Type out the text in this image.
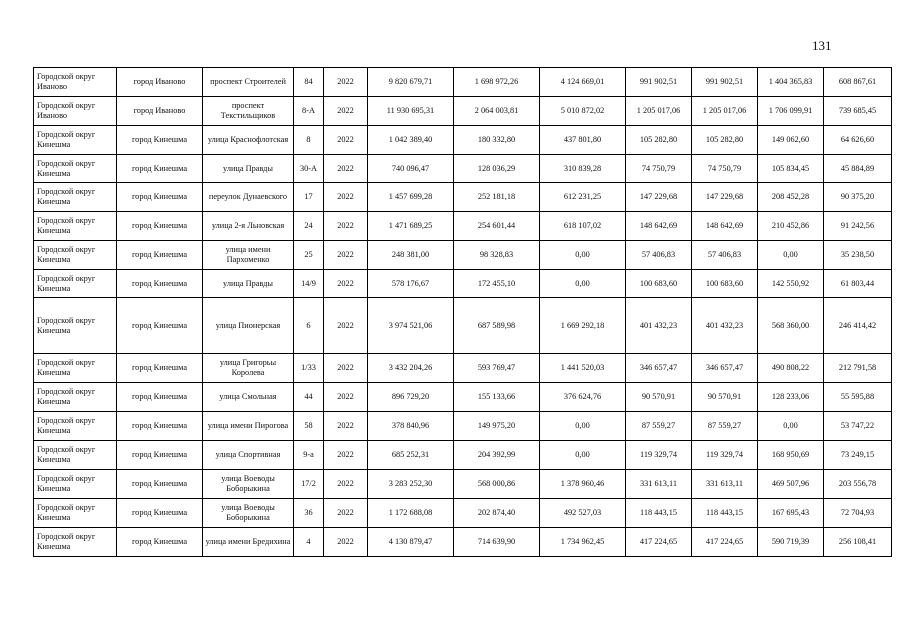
131
Городской округ Иваново	город Иваново	проспект Строителей	84	2022	9 820 679,71	1 698 972,26	4 124 669,01	991 902,51	991 902,51	1 404 365,83	608 867,61
Городской округ Иваново	город Иваново	проспект Текстильщиков	8-А	2022	11 930 695,31	2 064 003,81	5 010 872,02	1 205 017,06	1 205 017,06	1 706 099,91	739 685,45
Городской округ Кинешма	город Кинешма	улица Краснофлотская	8	2022	1 042 389,40	180 332,80	437 801,80	105 282,80	105 282,80	149 062,60	64 626,60
Городской округ Кинешма	город Кинешма	улица Правды	30-А	2022	740 096,47	128 036,29	310 839,28	74 750,79	74 750,79	105 834,45	45 884,89
Городской округ Кинешма	город Кинешма	переулок Дунаевского	17	2022	1 457 699,28	252 181,18	612 231,25	147 229,68	147 229,68	208 452,28	90 375,20
Городской округ Кинешма	город Кинешма	улица 2-я Льновская	24	2022	1 471 689,25	254 601,44	618 107,02	148 642,69	148 642,69	210 452,86	91 242,56
Городской округ Кинешма	город Кинешма	улица имени Пархоменко	25	2022	248 381,00	98 328,83	0,00	57 406,83	57 406,83	0,00	35 238,50
Городской округ Кинешма	город Кинешма	улица Правды	14/9	2022	578 176,67	172 455,10	0,00	100 683,60	100 683,60	142 550,92	61 803,44
Городской округ Кинешма	город Кинешма	улица Пионерская	6	2022	3 974 521,06	687 589,98	1 669 292,18	401 432,23	401 432,23	568 360,00	246 414,42
Городской округ Кинешма	город Кинешма	улица Григорьы Королева	1/33	2022	3 432 204,26	593 769,47	1 441 520,03	346 657,47	346 657,47	490 808,22	212 791,58
Городской округ Кинешма	город Кинешма	улица Смольная	44	2022	896 729,20	155 133,66	376 624,76	90 570,91	90 570,91	128 233,06	55 595,88
Городской округ Кинешма	город Кинешма	улица имени Пирогова	58	2022	378 840,96	149 975,20	0,00	87 559,27	87 559,27	0,00	53 747,22
Городской округ Кинешма	город Кинешма	улица Спортивная	9-а	2022	685 252,31	204 392,99	0,00	119 329,74	119 329,74	168 950,69	73 249,15
Городской округ Кинешма	город Кинешма	улица Воеводы Боборыкина	17/2	2022	3 283 252,30	568 000,86	1 378 960,46	331 613,11	331 613,11	469 507,96	203 556,78
Городской округ Кинешма	город Кинешма	улица Воеводы Боборыкина	36	2022	1 172 688,08	202 874,40	492 527,03	118 443,15	118 443,15	167 695,43	72 704,93
Городской округ Кинешма	город Кинешма	улица имени Бредихина	4	2022	4 130 879,47	714 639,90	1 734 962,45	417 224,65	417 224,65	590 719,39	256 108,41
